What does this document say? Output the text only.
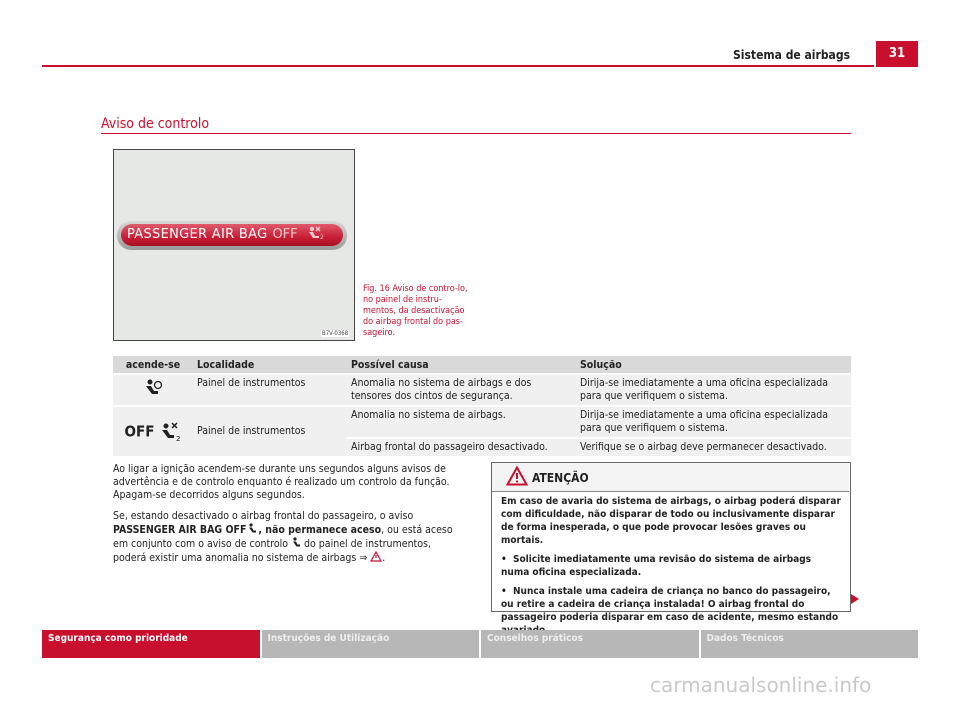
Sistema de airbags	31
Aviso de controlo
PASSENGER AIR BAG OFF	2
B7V-0368
Fig. 16 Aviso de contro-lo, no painel de instru-mentos, da desactivação do airbag frontal do pas-sageiro.
acende-se	Localidade	Possível causa	Solução
	Painel de instrumentos	Anomalia no sistema de airbags e dos tensores dos cintos de segurança.	Dirija-se imediatamente a uma oficina especializada para que verifiquem o sistema.
OFF 2	Painel de instrumentos	Anomalia no sistema de airbags.	Dirija-se imediatamente a uma oficina especializada para que verifiquem o sistema.
		Airbag frontal do passageiro desactivado.	Verifique se o airbag deve permanecer desactivado.

Ao ligar a ignição acendem-se durante uns segundos alguns avisos de advertência e de controlo enquanto é realizado um controlo da função. Apagam-se decorridos alguns segundos.

Se, estando desactivado o airbag frontal do passageiro, o aviso PASSENGER AIR BAG OFF , não permanece aceso, ou está aceso em conjunto com o aviso de controlo  do painel de instrumentos, poderá existir uma anomalia no sistema de airbags ⇒ .

ATENÇÃO

Em caso de avaria do sistema de airbags, o airbag poderá disparar com dificuldade, não disparar de todo ou inclusivamente disparar de forma inesperada, o que pode provocar lesões graves ou mortais.

•  Solicite imediatamente uma revisão do sistema de airbags numa oficina especializada.

•  Nunca instale uma cadeira de criança no banco do passageiro, ou retire a cadeira de criança instalada! O airbag frontal do passageiro poderia disparar em caso de acidente, mesmo estando

Segurança como prioridade	Instruções de Utilização	Conselhos práticos	Dados Técnicos
carmanualsonline.info
